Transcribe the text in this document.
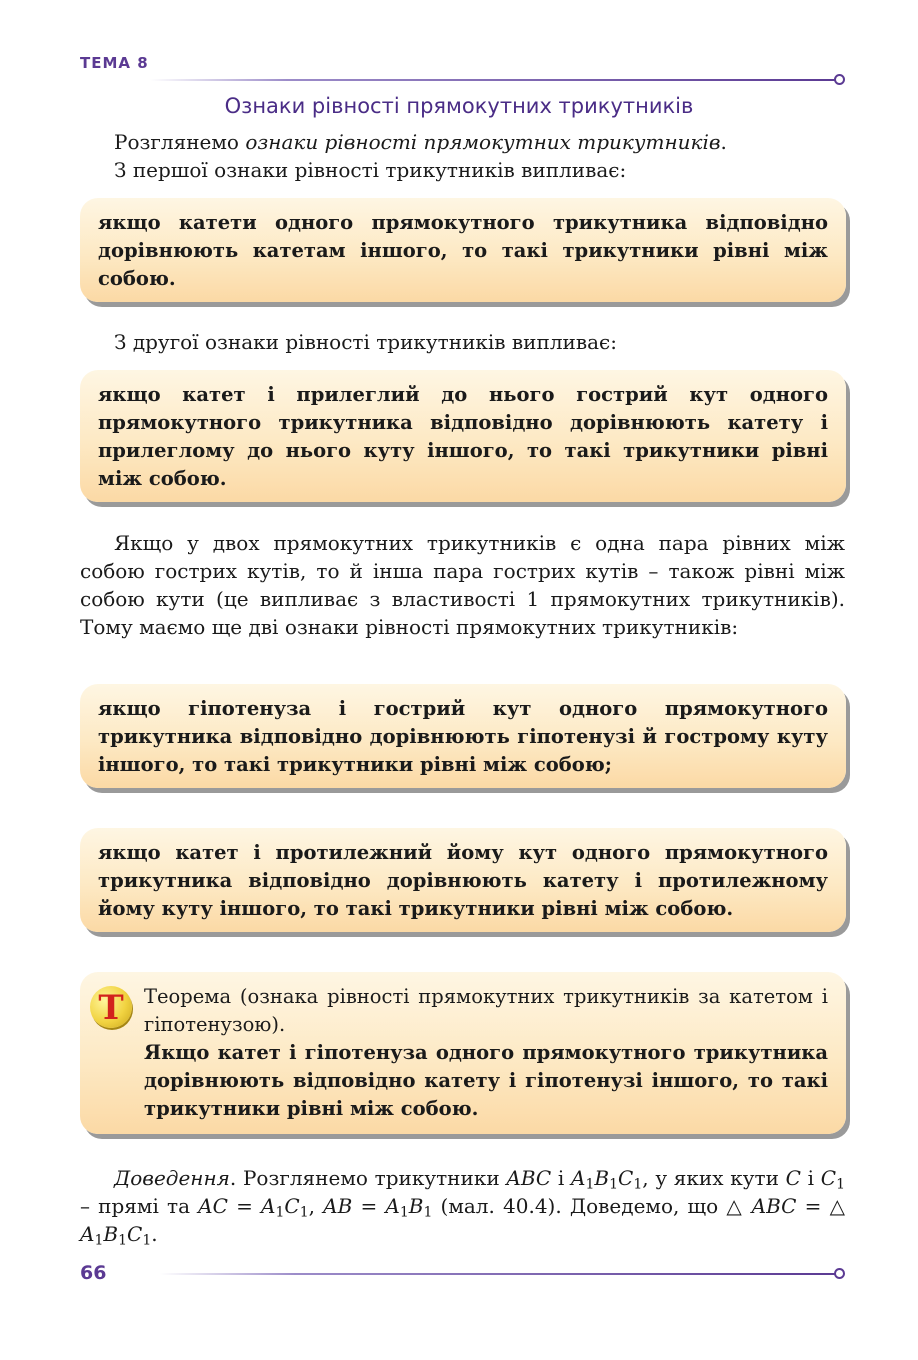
ТЕМА 8
Ознаки рівності прямокутних трикутників
Розглянемо ознаки рівності прямокутних трикутників.
З першої ознаки рівності трикутників випливає:
якщо катети одного прямокутного трикутника відповідно дорівнюють катетам іншого, то такі трикутники рівні між собою.
З другої ознаки рівності трикутників випливає:
якщо катет і прилеглий до нього гострий кут одного прямокутного трикутника відповідно дорівнюють катету і прилеглому до нього куту іншого, то такі трикутники рівні між собою.
Якщо у двох прямокутних трикутників є одна пара рівних між собою гострих кутів, то й інша пара гострих кутів – також рівні між собою кути (це випливає з властивості 1 прямокутних трикутників). Тому маємо ще дві ознаки рівності прямокутних трикутників:
якщо гіпотенуза і гострий кут одного прямокутного трикутника відповідно дорівнюють гіпотенузі й гострому куту іншого, то такі трикутники рівні між собою;
якщо катет і протилежний йому кут одного прямокутного трикутника відповідно дорівнюють катету і протилежному йому куту іншого, то такі трикутники рівні між собою.
Т Теорема (ознака рівності прямокутних трикутників за катетом і гіпотенузою).
Якщо катет і гіпотенуза одного прямокутного трикутника дорівнюють відповідно катету і гіпотенузі іншого, то такі трикутники рівні між собою.
Доведення. Розглянемо трикутники ABC і $A_1B_1C_1$, у яких кути C і $C_1$ – прямі та AC = $A_1C_1$, AB = $A_1B_1$ (мал. 40.4). Доведемо, що △ ABC = △ $A_1B_1C_1$.
66
